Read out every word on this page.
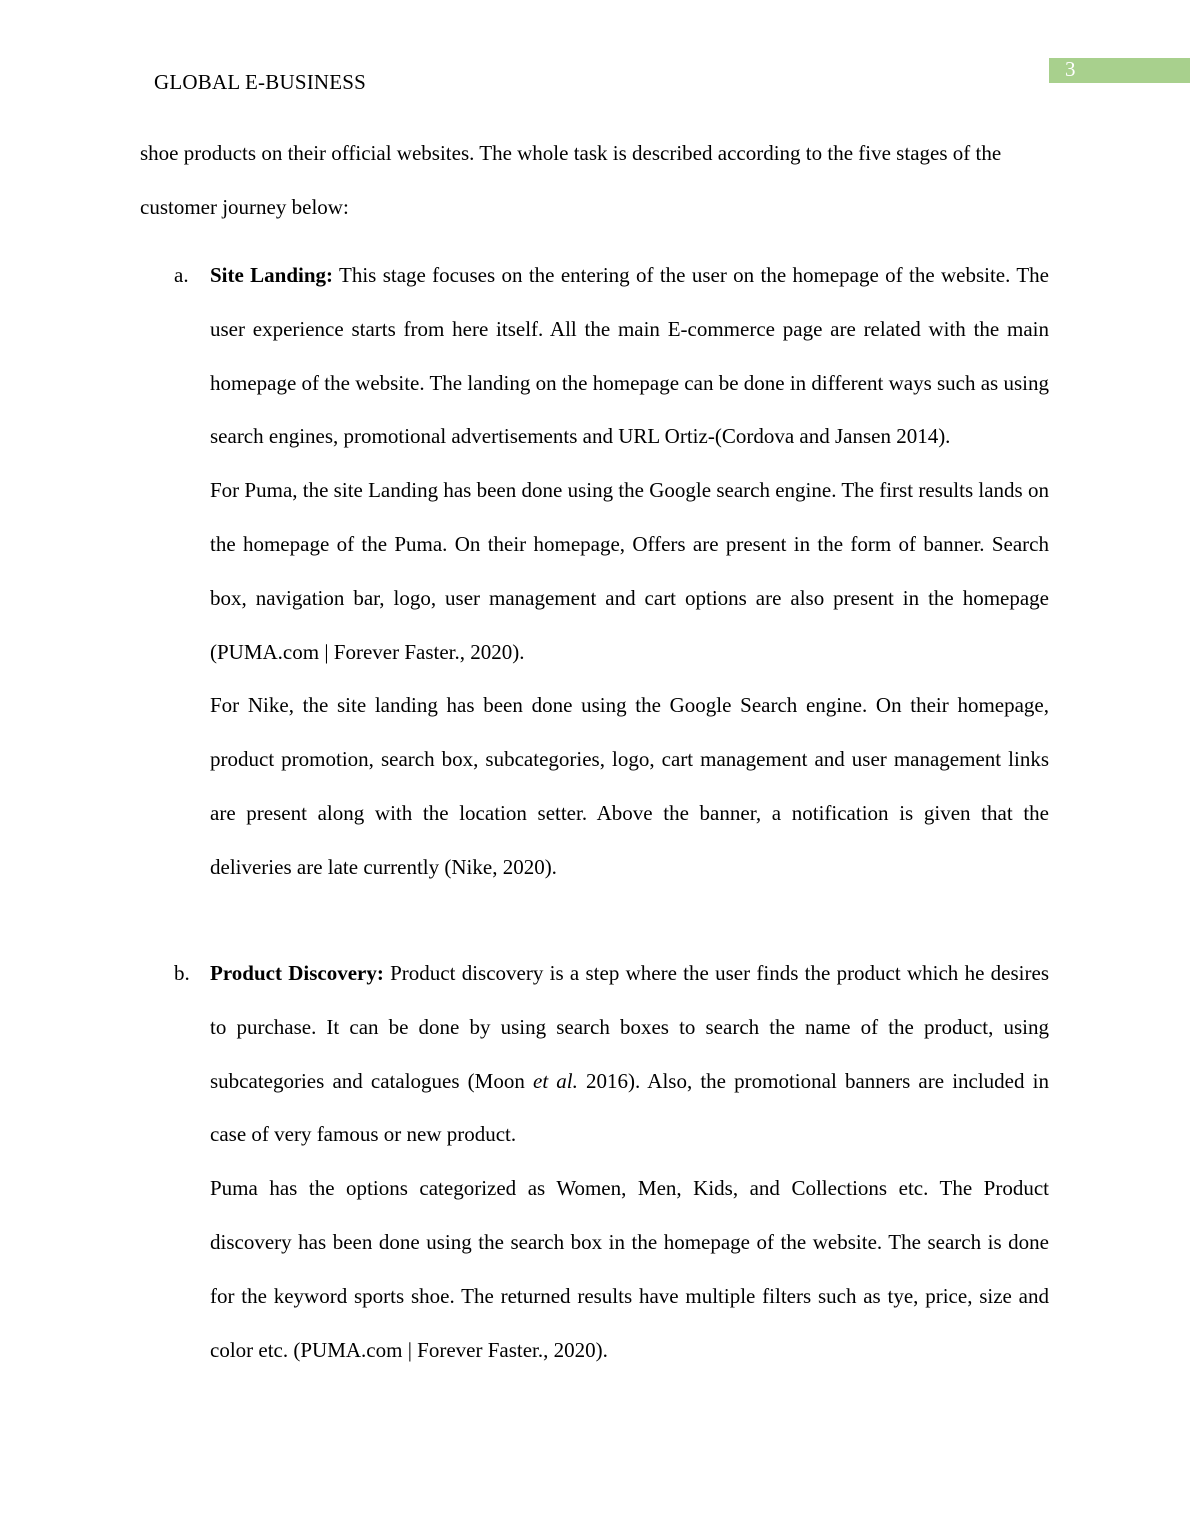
GLOBAL E-BUSINESS
3
shoe products on their official websites. The whole task is described according to the five stages of the customer journey below:
a.	Site Landing: This stage focuses on the entering of the user on the homepage of the website. The user experience starts from here itself. All the main E-commerce page are related with the main homepage of the website. The landing on the homepage can be done in different ways such as using search engines, promotional advertisements and URL Ortiz-(Cordova and Jansen 2014).

For Puma, the site Landing has been done using the Google search engine. The first results lands on the homepage of the Puma. On their homepage, Offers are present in the form of banner. Search box, navigation bar, logo, user management and cart options are also present in the homepage (PUMA.com | Forever Faster., 2020).

For Nike, the site landing has been done using the Google Search engine. On their homepage, product promotion, search box, subcategories, logo, cart management and user management links are present along with the location setter. Above the banner, a notification is given that the deliveries are late currently (Nike, 2020).

b. Product Discovery: Product discovery is a step where the user finds the product which he desires to purchase. It can be done by using search boxes to search the name of the product, using subcategories and catalogues (Moon et al. 2016). Also, the promotional banners are included in case of very famous or new product.

Puma has the options categorized as Women, Men, Kids, and Collections etc. The Product discovery has been done using the search box in the homepage of the website. The search is done for the keyword sports shoe. The returned results have multiple filters such as tye, price, size and color etc. (PUMA.com | Forever Faster., 2020).
